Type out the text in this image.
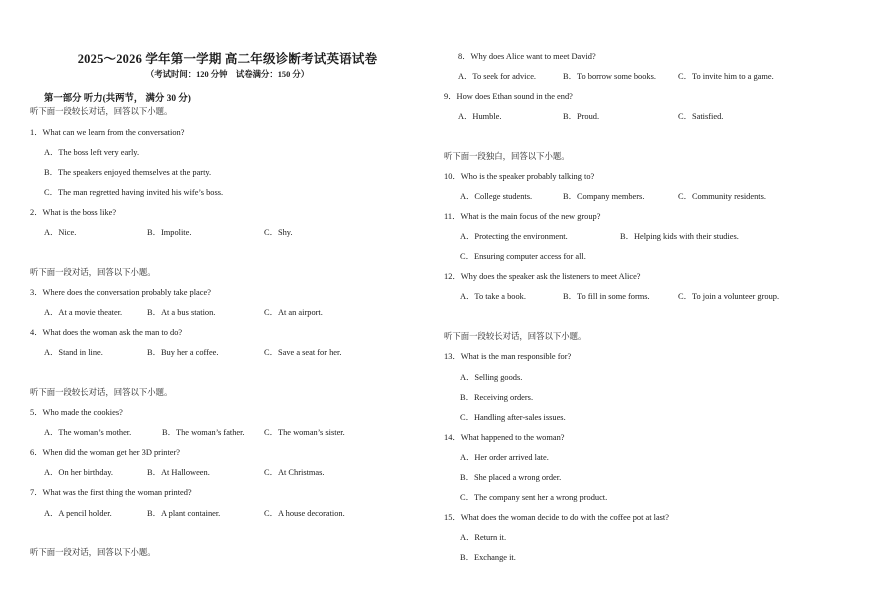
2025～2026 学年第一学期 高二年级诊断考试英语试卷
（考试时间：120 分钟　试卷满分：150 分）
第一部分 听力(共两节， 满分 30 分)
听下面一段较长对话，回答以下小题。
1．What can we learn from the conversation?
A．The boss left very early.
B．The speakers enjoyed themselves at the party.
C．The man regretted having invited his wife’s boss.
2．What is the boss like?
A．Nice.	B．Impolite.	C．Shy.
听下面一段对话，回答以下小题。
3．Where does the conversation probably take place?
A．At a movie theater.	B．At a bus station.	C．At an airport.
4．What does the woman ask the man to do?
A．Stand in line.	B．Buy her a coffee.	C．Save a seat for her.
听下面一段较长对话，回答以下小题。
5．Who made the cookies?
A．The woman’s mother.	B．The woman’s father. C．The woman’s sister.
6．When did the woman get her 3D printer?
A．On her birthday.	B．At Halloween.	C．At Christmas.
7．What was the first thing the woman printed?
A．A pencil holder.	B．A plant container.	C．A house decoration.
听下面一段对话，回答以下小题。
8．Why does Alice want to meet David?
A．To seek for advice.	B．To borrow some books.	C．To invite him to a game.
9．How does Ethan sound in the end?
A．Humble.	B．Proud.	C．Satisfied.
听下面一段独白，回答以下小题。
10．Who is the speaker probably talking to?
A．College students.	B．Company members.	C．Community residents.
11．What is the main focus of the new group?
A．Protecting the environment.	B．Helping kids with their studies.
C．Ensuring computer access for all.
12．Why does the speaker ask the listeners to meet Alice?
A．To take a book.	B．To fill in some forms.	C．To join a volunteer group.
听下面一段较长对话，回答以下小题。
13．What is the man responsible for?
A．Selling goods.
B．Receiving orders.
C．Handling after-sales issues.
14．What happened to the woman?
A．Her order arrived late.
B．She placed a wrong order.
C．The company sent her a wrong product.
15．What does the woman decide to do with the coffee pot at last?
A．Return it.
B．Exchange it.
